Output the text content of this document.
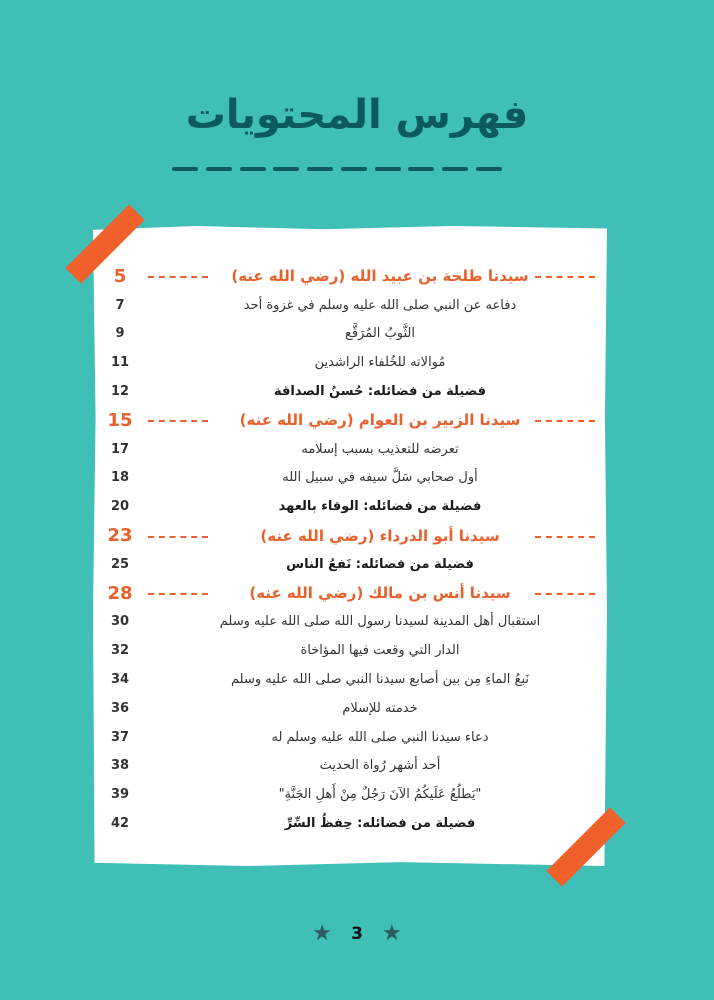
فهرس المحتويات
سيدنا طلحة بن عبيد الله (رضي الله عنه)
5
دفاعه عن النبي صلى الله عليه وسلم في غزوة أحد
7
الثَّوبُ المُرَقَّع
9
مُوالاته للخُلفاء الراشدين
11
فضيلة من فضائله: حُسنُ الصداقة
12
سيدنا الزبير بن العوام (رضي الله عنه)
15
تعرضه للتعذيب بسبب إسلامه
17
أول صحابي سَلَّ سيفه في سبيل الله
18
فضيلة من فضائله: الوفاء بالعهد
20
سيدنا أبو الدرداء (رضي الله عنه)
23
فضيلة من فضائله: نَفعُ الناس
25
سيدنا أنس بن مالك (رضي الله عنه)
28
استقبال أهل المدينة لسيدنا رسول الله صلى الله عليه وسلم
30
الدار التي وقعت فيها المؤاخاة
32
نَبعُ الماءِ مِن بين أصابع سيدنا النبي صلى الله عليه وسلم
34
خدمته للإسلام
36
دعاء سيدنا النبي صلى الله عليه وسلم له
37
أحد أشهر رُواة الحديث
38
"يَطلُعُ عَلَيكُمُ الآنَ رَجُلٌ مِنْ أَهلِ الجَنَّةِ"
39
فضيلة من فضائله: حِفظُ السِّرِّ
42
★ 3 ★
